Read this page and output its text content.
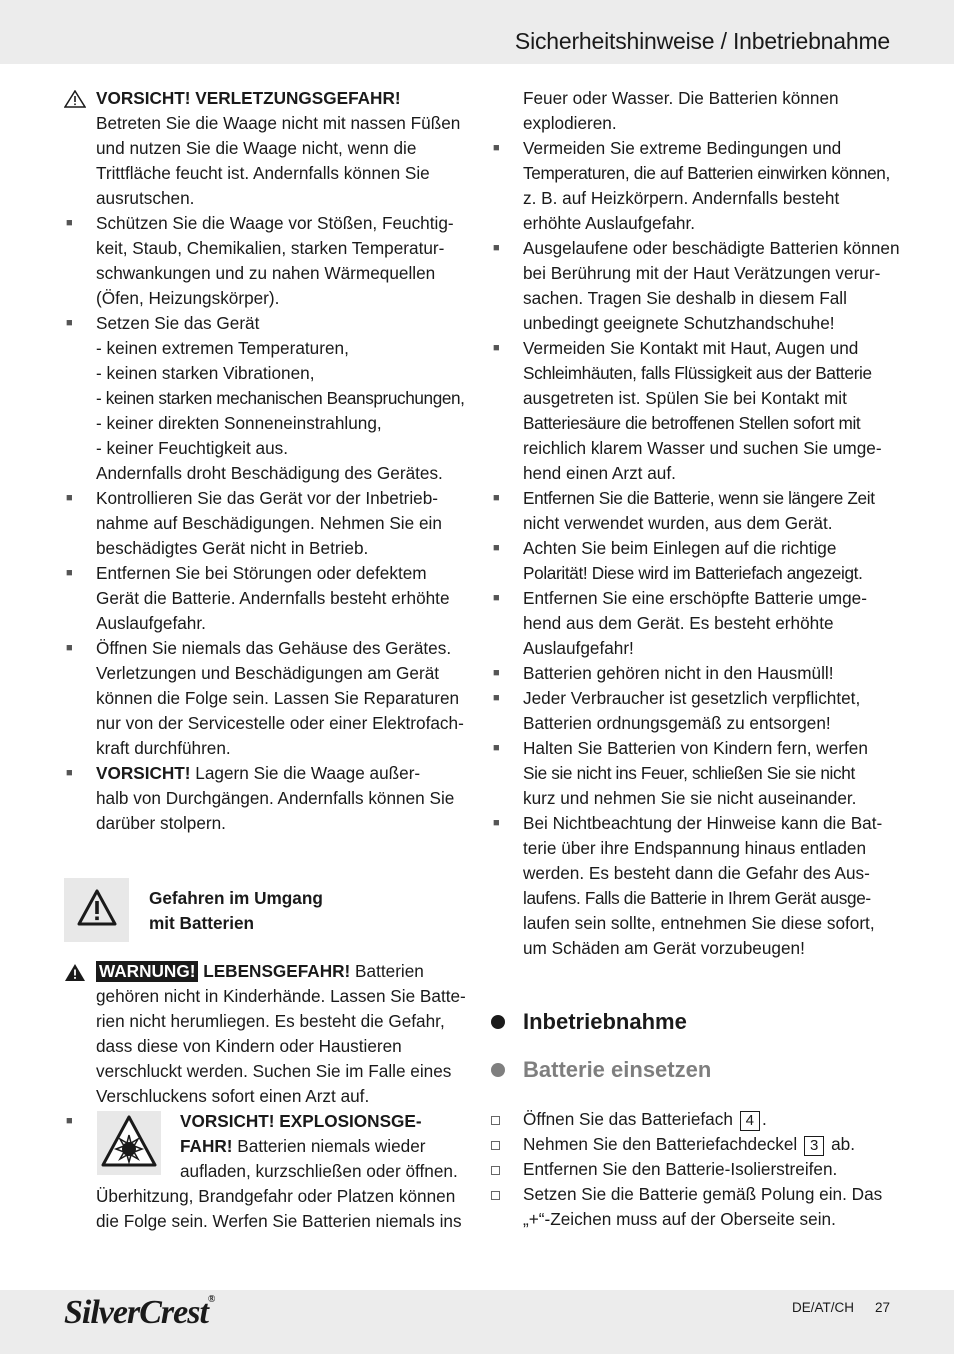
Sicherheitshinweise / Inbetriebnahme
VORSICHT! VERLETZUNGSGEFAHR!
Betreten Sie die Waage nicht mit nassen Füßen
und nutzen Sie die Waage nicht, wenn die
Trittfläche feucht ist. Andernfalls können Sie
ausrutschen.
■	Schützen Sie die Waage vor Stößen, Feuchtig-
keit, Staub, Chemikalien, starken Temperatur-
schwankungen und zu nahen Wärmequellen
(Öfen, Heizungskörper).
■	Setzen Sie das Gerät
- keinen extremen Temperaturen,
- keinen starken Vibrationen,
- keinen starken mechanischen Beanspruchungen,
- keiner direkten Sonneneinstrahlung,
- keiner Feuchtigkeit aus.
Andernfalls droht Beschädigung des Gerätes.
■	Kontrollieren Sie das Gerät vor der Inbetrieb-
nahme auf Beschädigungen. Nehmen Sie ein
beschädigtes Gerät nicht in Betrieb.
■	Entfernen Sie bei Störungen oder defektem
Gerät die Batterie. Andernfalls besteht erhöhte
Auslaufgefahr.
■	Öffnen Sie niemals das Gehäuse des Gerätes.
Verletzungen und Beschädigungen am Gerät
können die Folge sein. Lassen Sie Reparaturen
nur von der Servicestelle oder einer Elektrofach-
kraft durchführen.
■	VORSICHT! Lagern Sie die Waage außer-
halb von Durchgängen. Andernfalls können Sie
darüber stolpern.
Gefahren im Umgang
mit Batterien
WARNUNG! LEBENSGEFAHR! Batterien
gehören nicht in Kinderhände. Lassen Sie Batte-
rien nicht herumliegen. Es besteht die Gefahr,
dass diese von Kindern oder Haustieren
verschluckt werden. Suchen Sie im Falle eines
Verschluckens sofort einen Arzt auf.
■	VORSICHT! EXPLOSIONSGE-
FAHR! Batterien niemals wieder
aufladen, kurzschließen oder öffnen.
Überhitzung, Brandgefahr oder Platzen können
die Folge sein. Werfen Sie Batterien niemals ins
Feuer oder Wasser. Die Batterien können
explodieren.
■	Vermeiden Sie extreme Bedingungen und
Temperaturen, die auf Batterien einwirken können,
z. B. auf Heizkörpern. Andernfalls besteht
erhöhte Auslaufgefahr.
■	Ausgelaufene oder beschädigte Batterien können
bei Berührung mit der Haut Verätzungen verur-
sachen. Tragen Sie deshalb in diesem Fall
unbedingt geeignete Schutzhandschuhe!
■	Vermeiden Sie Kontakt mit Haut, Augen und
Schleimhäuten, falls Flüssigkeit aus der Batterie
ausgetreten ist. Spülen Sie bei Kontakt mit
Batteriesäure die betroffenen Stellen sofort mit
reichlich klarem Wasser und suchen Sie umge-
hend einen Arzt auf.
■	Entfernen Sie die Batterie, wenn sie längere Zeit
nicht verwendet wurden, aus dem Gerät.
■	Achten Sie beim Einlegen auf die richtige
Polarität! Diese wird im Batteriefach angezeigt.
■	Entfernen Sie eine erschöpfte Batterie umge-
hend aus dem Gerät. Es besteht erhöhte
Auslaufgefahr!
■	Batterien gehören nicht in den Hausmüll!
■	Jeder Verbraucher ist gesetzlich verpflichtet,
Batterien ordnungsgemäß zu entsorgen!
■	Halten Sie Batterien von Kindern fern, werfen
Sie sie nicht ins Feuer, schließen Sie sie nicht
kurz und nehmen Sie sie nicht auseinander.
■	Bei Nichtbeachtung der Hinweise kann die Bat-
terie über ihre Endspannung hinaus entladen
werden. Es besteht dann die Gefahr des Aus-
laufens. Falls die Batterie in Ihrem Gerät ausge-
laufen sein sollte, entnehmen Sie diese sofort,
um Schäden am Gerät vorzubeugen!
Inbetriebnahme
Batterie einsetzen
Öffnen Sie das Batteriefach 4 .
Nehmen Sie den Batteriefachdeckel 3 ab.
Entfernen Sie den Batterie-Isolierstreifen.
Setzen Sie die Batterie gemäß Polung ein. Das
„+“-Zeichen muss auf der Oberseite sein.
SilverCrest®
DE/AT/CH 27
